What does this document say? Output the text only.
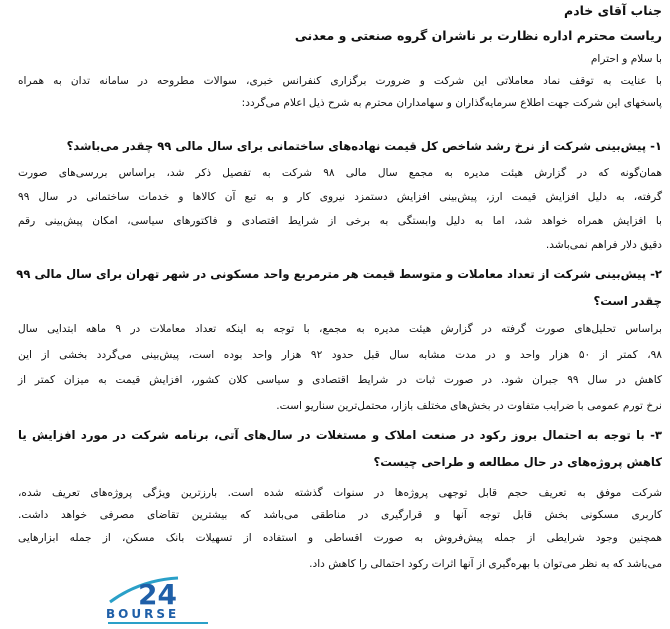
جناب آقای خادم
ریاست محترم اداره نظارت بر ناشران گروه صنعتی و معدنی
با سلام و احترام
با عنایت به توقف نماد معاملاتی این شرکت و ضرورت برگزاری کنفرانس خبری، سوالات مطروحه در سامانه تدان به همراه
پاسخهای این شرکت جهت اطلاع سرمایه‌گذاران و سهامداران محترم به شرح ذیل اعلام می‌گردد:
۱- پیش‌بینی شرکت از نرخ رشد شاخص کل قیمت نهاده‌های ساختمانی برای سال مالی ۹۹ چقدر می‌باشد؟
همان‌گونه که در گزارش هیئت مدیره به مجمع سال مالی ۹۸ شرکت به تفصیل ذکر شد، براساس بررسی‌های صورت
گرفته، به دلیل افزایش قیمت ارز، پیش‌بینی افزایش دستمزد نیروی کار و به تبع آن کالاها و خدمات ساختمانی در سال ۹۹
با افزایش همراه خواهد شد، اما به دلیل وابستگی به برخی از شرایط اقتصادی و فاکتورهای سیاسی، امکان پیش‌بینی رقم
دقیق دلار فراهم نمی‌باشد.
۲- پیش‌بینی شرکت از تعداد معاملات و متوسط قیمت هر مترمربع واحد مسکونی در شهر تهران برای سال مالی ۹۹
چقدر است؟
براساس تحلیل‌های صورت گرفته در گزارش هیئت مدیره به مجمع، با توجه به اینکه تعداد معاملات در ۹ ماهه ابتدایی سال
۹۸، کمتر از ۵۰ هزار واحد و در مدت مشابه سال قبل حدود ۹۲ هزار واحد بوده است، پیش‌بینی می‌گردد بخشی از این
کاهش در سال ۹۹ جبران شود. در صورت ثبات در شرایط اقتصادی و سیاسی کلان کشور، افزایش قیمت به میزان کمتر از
نرخ تورم عمومی با ضرایب متفاوت در بخش‌های مختلف بازار، محتمل‌ترین سناریو است.
۳- با توجه به احتمال بروز رکود در صنعت املاک و مستغلات در سال‌های آتی، برنامه شرکت در مورد افزایش یا
کاهش پروژه‌های در حال مطالعه و طراحی چیست؟
شرکت موفق به تعریف حجم قابل توجهی پروژه‌ها در سنوات گذشته شده است. بارزترین ویژگی پروژه‌های تعریف شده،
کاربری مسکونی بخش قابل توجه آنها و قرارگیری در مناطقی می‌باشد که بیشترین تقاضای مصرفی خواهد داشت.
همچنین وجود شرایطی از جمله پیش‌فروش به صورت اقساطی و استفاده از تسهیلات بانک مسکن، از جمله ابزارهایی
می‌باشد که به نظر می‌توان با بهره‌گیری از آنها اثرات رکود احتمالی را کاهش داد.
24
BOURSE
